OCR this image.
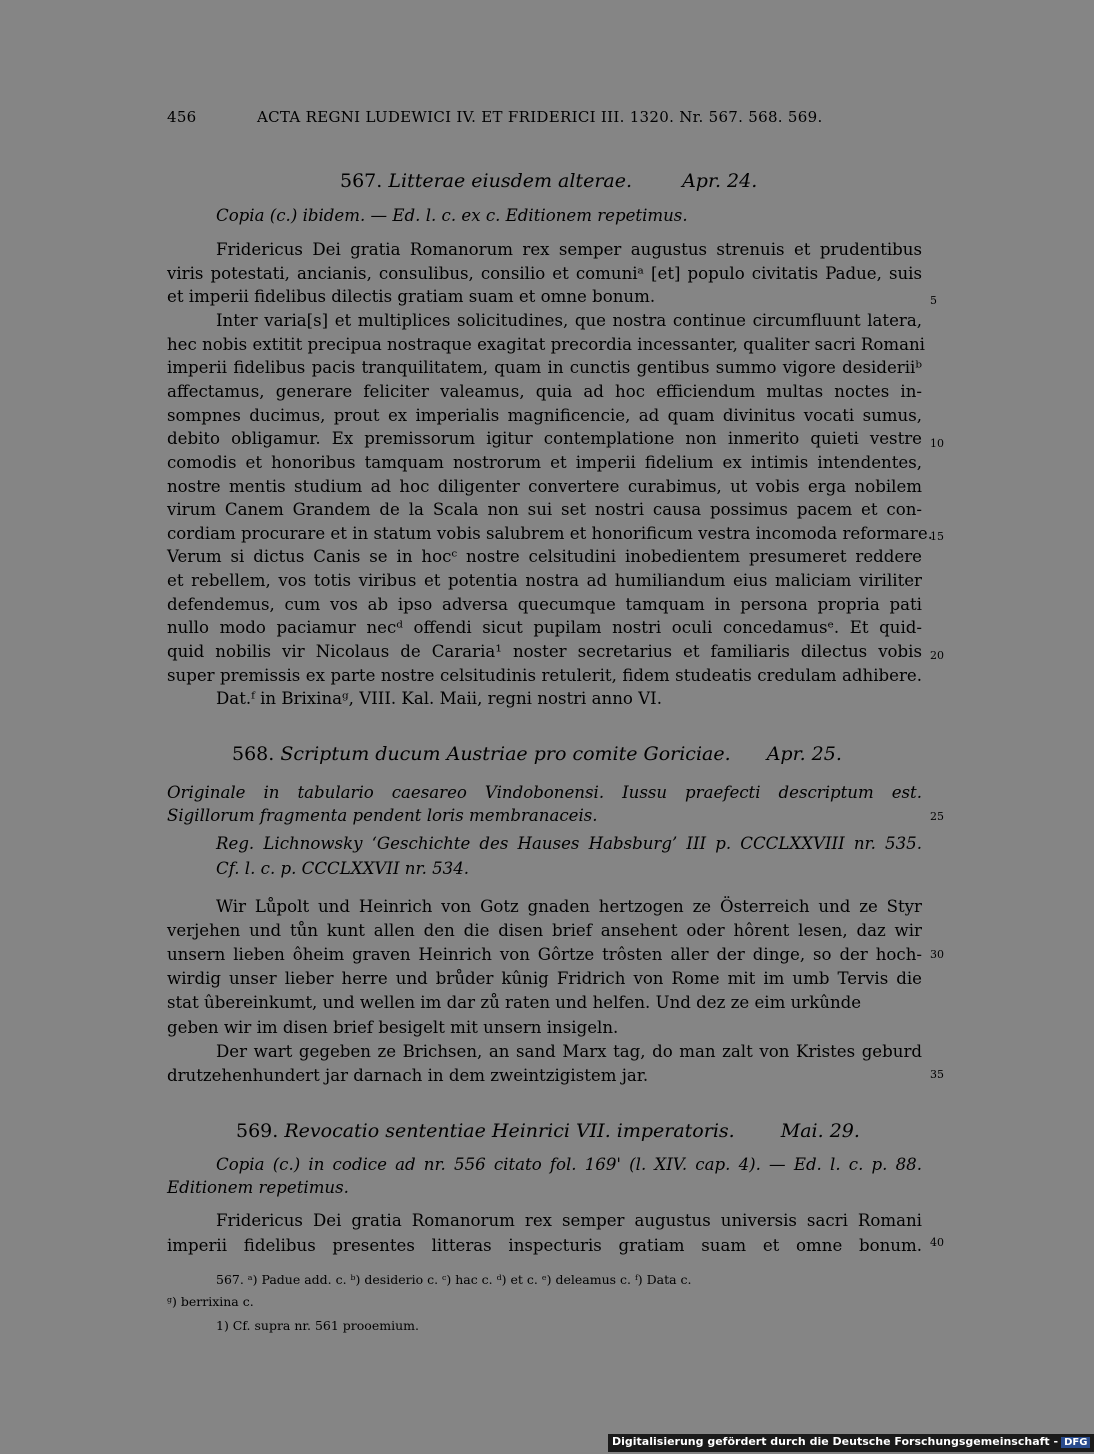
456	ACTA REGNI LUDEWICI IV. ET FRIDERICI III. 1320. Nr. 567. 568. 569.
567. Litterae eiusdem alterae.	Apr. 24.
Copia (c.) ibidem. — Ed. l. c. ex c. Editionem repetimus.
Fridericus Dei gratia Romanorum rex semper augustus strenuis et prudentibus
viris potestati, ancianis, consulibus, consilio et comuniᵃ [et] populo civitatis Padue, suis
et imperii fidelibus dilectis gratiam suam et omne bonum.
Inter varia[s] et multiplices solicitudines, que nostra continue circumfluunt latera,
hec nobis extitit precipua nostraque exagitat precordia incessanter, qualiter sacri Romani
imperii fidelibus pacis tranquilitatem, quam in cunctis gentibus summo vigore desideriiᵇ
affectamus, generare feliciter valeamus, quia ad hoc efficiendum multas noctes in-
sompnes ducimus, prout ex imperialis magnificencie, ad quam divinitus vocati sumus,
debito obligamur. Ex premissorum igitur contemplatione non inmerito quieti vestre
comodis et honoribus tamquam nostrorum et imperii fidelium ex intimis intendentes,
nostre mentis studium ad hoc diligenter convertere curabimus, ut vobis erga nobilem
virum Canem Grandem de la Scala non sui set nostri causa possimus pacem et con-
cordiam procurare et in statum vobis salubrem et honorificum vestra incomoda reformare.
Verum si dictus Canis se in hocᶜ nostre celsitudini inobedientem presumeret reddere
et rebellem, vos totis viribus et potentia nostra ad humiliandum eius maliciam viriliter
defendemus, cum vos ab ipso adversa quecumque tamquam in persona propria pati
nullo modo paciamur necᵈ offendi sicut pupilam nostri oculi concedamusᵉ. Et quid-
quid nobilis vir Nicolaus de Cararia¹ noster secretarius et familiaris dilectus vobis
super premissis ex parte nostre celsitudinis retulerit, fidem studeatis credulam adhibere.
Dat.ᶠ in Brixinaᵍ, VIII. Kal. Maii, regni nostri anno VI.
568. Scriptum ducum Austriae pro comite Goriciae. Apr. 25.
Originale in tabulario caesareo Vindobonensi. Iussu praefecti descriptum est.
Sigillorum fragmenta pendent loris membranaceis.
Reg. Lichnowsky ‘Geschichte des Hauses Habsburg’ III p. CCCLXXVIII nr. 535.
Cf. l. c. p. CCCLXXVII nr. 534.
Wir Lůpolt und Heinrich von Gotz gnaden hertzogen ze Österreich und ze Styr
verjehen und tůn kunt allen den die disen brief ansehent oder hôrent lesen, daz wir
unsern lieben ôheim graven Heinrich von Gôrtze trôsten aller der dinge, so der hoch-
wirdig unser lieber herre und brůder kûnig Fridrich von Rome mit im umb Tervis die
stat ûbereinkumt, und wellen im dar zů raten und helfen. Und dez ze eim urkûnde
geben wir im disen brief besigelt mit unsern insigeln.
Der wart gegeben ze Brichsen, an sand Marx tag, do man zalt von Kristes geburd
drutzehenhundert jar darnach in dem zweintzigistem jar.
569. Revocatio sententiae Heinrici VII. imperatoris. Mai. 29.
Copia (c.) in codice ad nr. 556 citato fol. 169' (l. XIV. cap. 4). — Ed. l. c. p. 88.
Editionem repetimus.
Fridericus Dei gratia Romanorum rex semper augustus universis sacri Romani
imperii fidelibus presentes litteras inspecturis gratiam suam et omne bonum.
567. ᵃ) Padue add. c. ᵇ) desiderio c. ᶜ) hac c. ᵈ) et c. ᵉ) deleamus c. ᶠ) Data c.
ᵍ) berrixina c.
1) Cf. supra nr. 561 prooemium.
5
10
15
20
25
30
35
40
Digitalisierung gefördert durch die Deutsche Forschungsgemeinschaft - DFG
